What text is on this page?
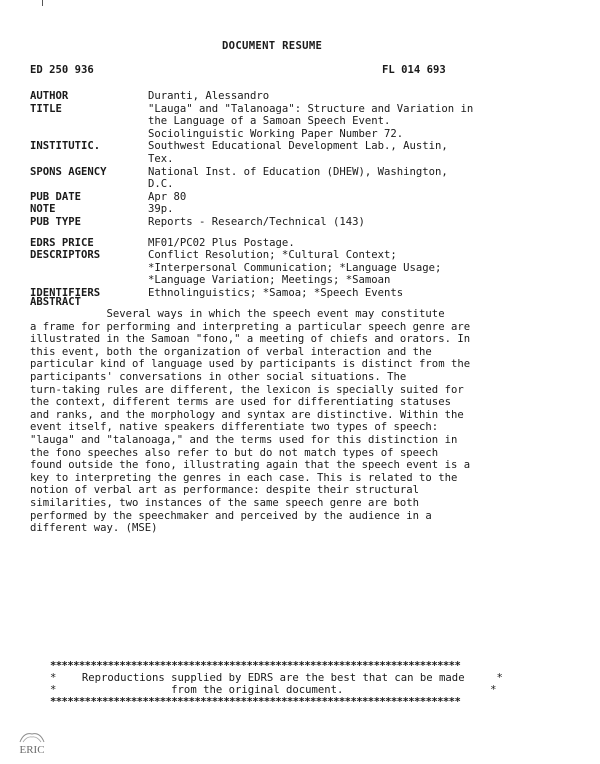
DOCUMENT RESUME
ED 250 936	FL 014 693
AUTHOR	Duranti, Alessandro
TITLE	"Lauga" and "Talanoaga": Structure and Variation in
the Language of a Samoan Speech Event.
Sociolinguistic Working Paper Number 72.
INSTITUTIC.	Southwest Educational Development Lab., Austin,
Tex.
SPONS AGENCY	National Inst. of Education (DHEW), Washington,
D.C.
PUB DATE	Apr 80
NOTE	39p.
PUB TYPE	Reports - Research/Technical (143)
EDRS PRICE	MF01/PC02 Plus Postage.
DESCRIPTORS	Conflict Resolution; *Cultural Context;
*Interpersonal Communication; *Language Usage;
*Language Variation; Meetings; *Samoan
IDENTIFIERS	Ethnolinguistics; *Samoa; *Speech Events
ABSTRACT
Several ways in which the speech event may constitute
a frame for performing and interpreting a particular speech genre are
illustrated in the Samoan "fono," a meeting of chiefs and orators. In
this event, both the organization of verbal interaction and the
particular kind of language used by participants is distinct from the
participants' conversations in other social situations. The
turn-taking rules are different, the lexicon is specially suited for
the context, different terms are used for differentiating statuses
and ranks, and the morphology and syntax are distinctive. Within the
event itself, native speakers differentiate two types of speech:
"lauga" and "talanoaga," and the terms used for this distinction in
the fono speeches also refer to but do not match types of speech
found outside the fono, illustrating again that the speech event is a
key to interpreting the genres in each case. This is related to the
notion of verbal art as performance: despite their structural
similarities, two instances of the same speech genre are both
performed by the speechmaker and perceived by the audience in a
different way. (MSE)
***********************************************************************
*    Reproductions supplied by EDRS are the best that can be made     *
*                  from the original document.                       *
***********************************************************************
ERIC
